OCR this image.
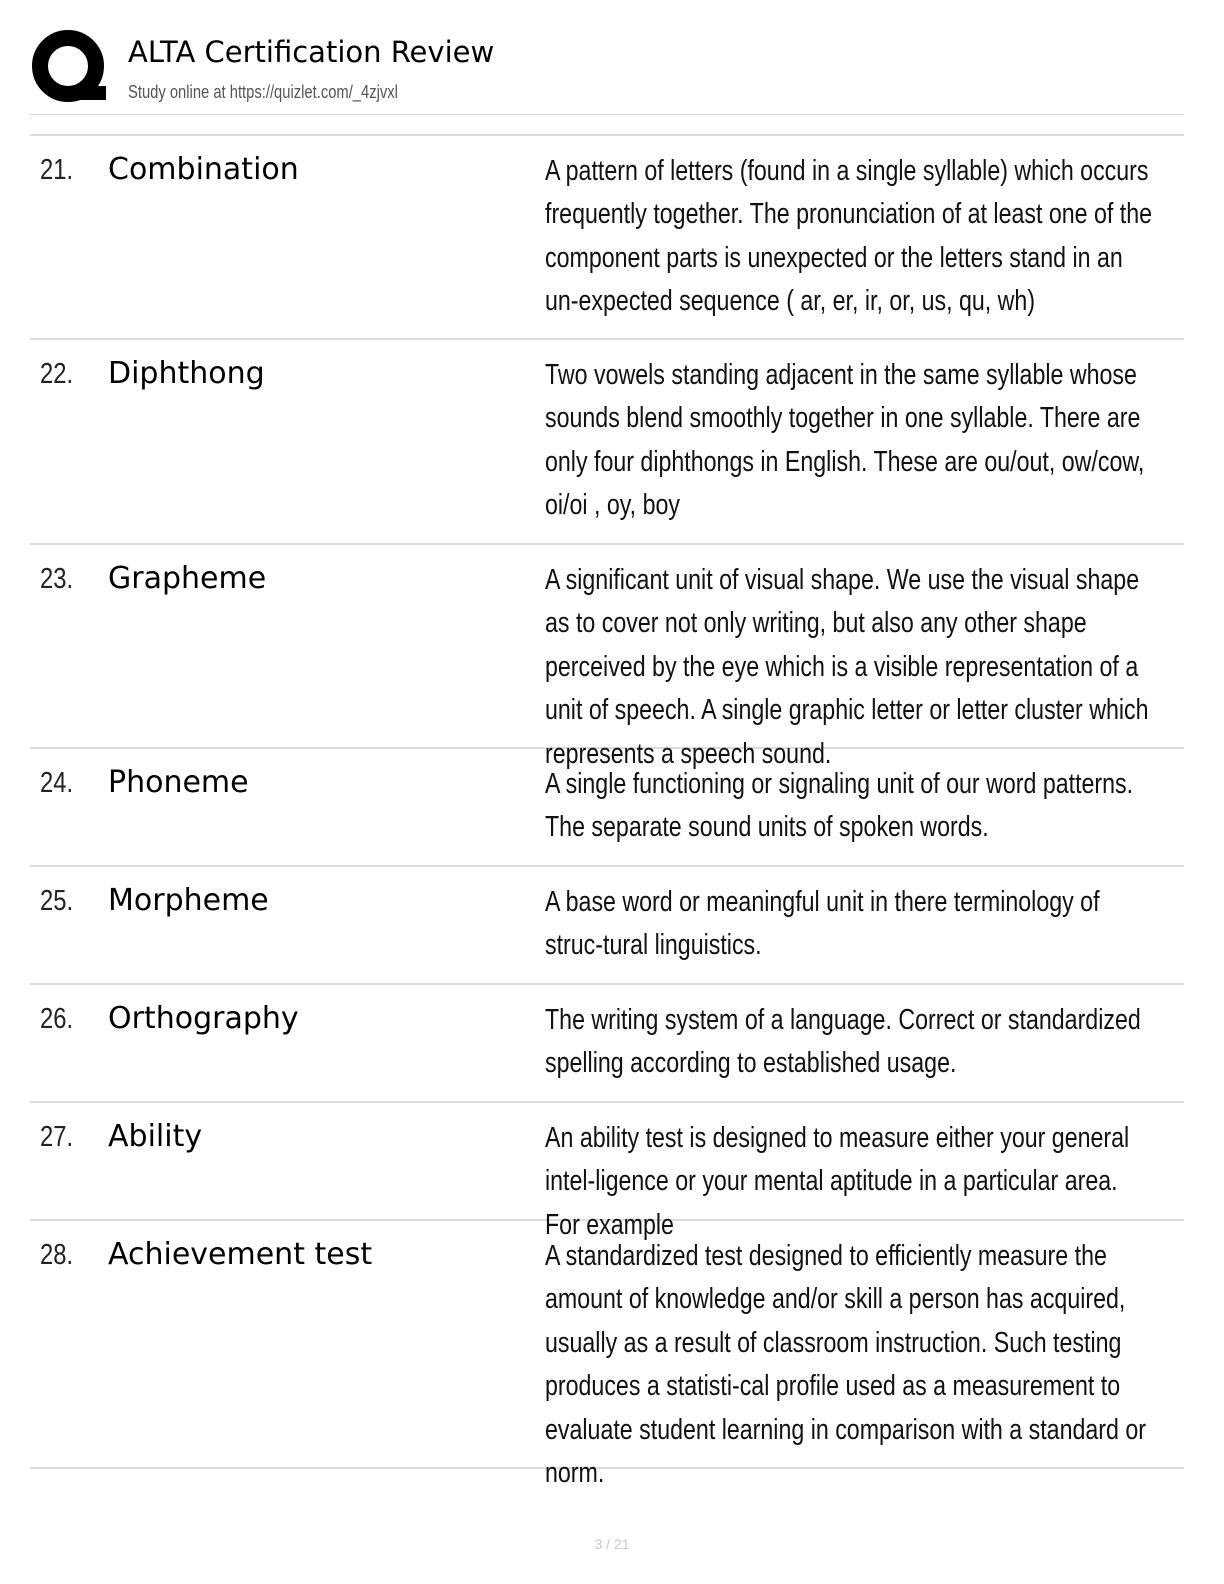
ALTA Certification Review
Study online at https://quizlet.com/_4zjvxl
21. Combination	A pattern of letters (found in a single syllable) which occurs frequently together. The pronunciation of at least one of the component parts is unexpected or the letters stand in an un-expected sequence ( ar, er, ir, or, us, qu, wh)
22. Diphthong	Two vowels standing adjacent in the same syllable whose sounds blend smoothly together in one syllable. There are only four diphthongs in English. These are ou/out, ow/cow, oi/oi , oy, boy
23. Grapheme	A significant unit of visual shape. We use the visual shape as to cover not only writing, but also any other shape perceived by the eye which is a visible representation of a unit of speech. A single graphic letter or letter cluster which represents a speech sound.
24. Phoneme	A single functioning or signaling unit of our word patterns. The separate sound units of spoken words.
25. Morpheme	A base word or meaningful unit in there terminology of struc-tural linguistics.
26. Orthography	The writing system of a language. Correct or standardized spelling according to established usage.
27. Ability	An ability test is designed to measure either your general intel-ligence or your mental aptitude in a particular area. For example
28. Achievement test	A standardized test designed to efficiently measure the amount of knowledge and/or skill a person has acquired, usually as a result of classroom instruction. Such testing produces a statisti-cal profile used as a measurement to evaluate student learning in comparison with a standard or norm.
3 / 21
